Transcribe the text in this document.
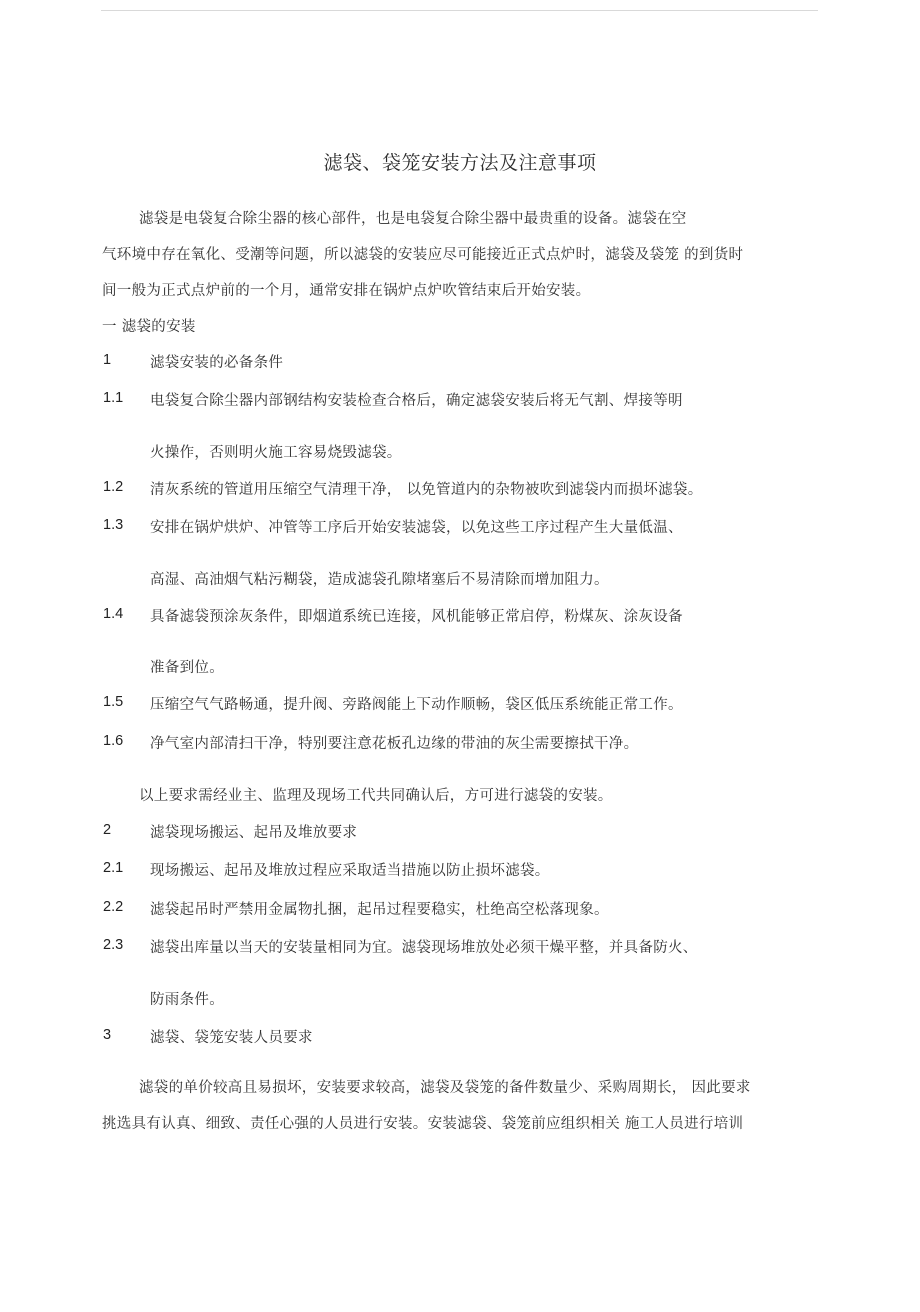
滤袋、袋笼安装方法及注意事项
滤袋是电袋复合除尘器的核心部件，也是电袋复合除尘器中最贵重的设备。滤袋在空
气环境中存在氧化、受潮等问题，所以滤袋的安装应尽可能接近正式点炉时，滤袋及袋笼 的到货时
间一般为正式点炉前的一个月，通常安排在锅炉点炉吹管结束后开始安装。
一 滤袋的安装
1	滤袋安装的必备条件
1.1 电袋复合除尘器内部钢结构安装检查合格后，确定滤袋安装后将无气割、焊接等明
火操作，否则明火施工容易烧毁滤袋。
1.2 清灰系统的管道用压缩空气清理干净， 以免管道内的杂物被吹到滤袋内而损坏滤袋。
1.3 安排在锅炉烘炉、冲管等工序后开始安装滤袋，以免这些工序过程产生大量低温、
高湿、高油烟气粘污糊袋，造成滤袋孔隙堵塞后不易清除而增加阻力。
1.4 具备滤袋预涂灰条件，即烟道系统已连接，风机能够正常启停，粉煤灰、涂灰设备
准备到位。
1.5 压缩空气气路畅通，提升阀、旁路阀能上下动作顺畅，袋区低压系统能正常工作。
1.6 净气室内部清扫干净，特别要注意花板孔边缘的带油的灰尘需要擦拭干净。
以上要求需经业主、监理及现场工代共同确认后，方可进行滤袋的安装。
2	滤袋现场搬运、起吊及堆放要求
2.1 现场搬运、起吊及堆放过程应采取适当措施以防止损坏滤袋。
2.2 滤袋起吊时严禁用金属物扎捆，起吊过程要稳实，杜绝高空松落现象。
2.3 滤袋出库量以当天的安装量相同为宜。滤袋现场堆放处必须干燥平整，并具备防火、
防雨条件。
3	滤袋、袋笼安装人员要求
滤袋的单价较高且易损坏，安装要求较高，滤袋及袋笼的备件数量少、采购周期长， 因此要求
挑选具有认真、细致、责任心强的人员进行安装。安装滤袋、袋笼前应组织相关 施工人员进行培训
